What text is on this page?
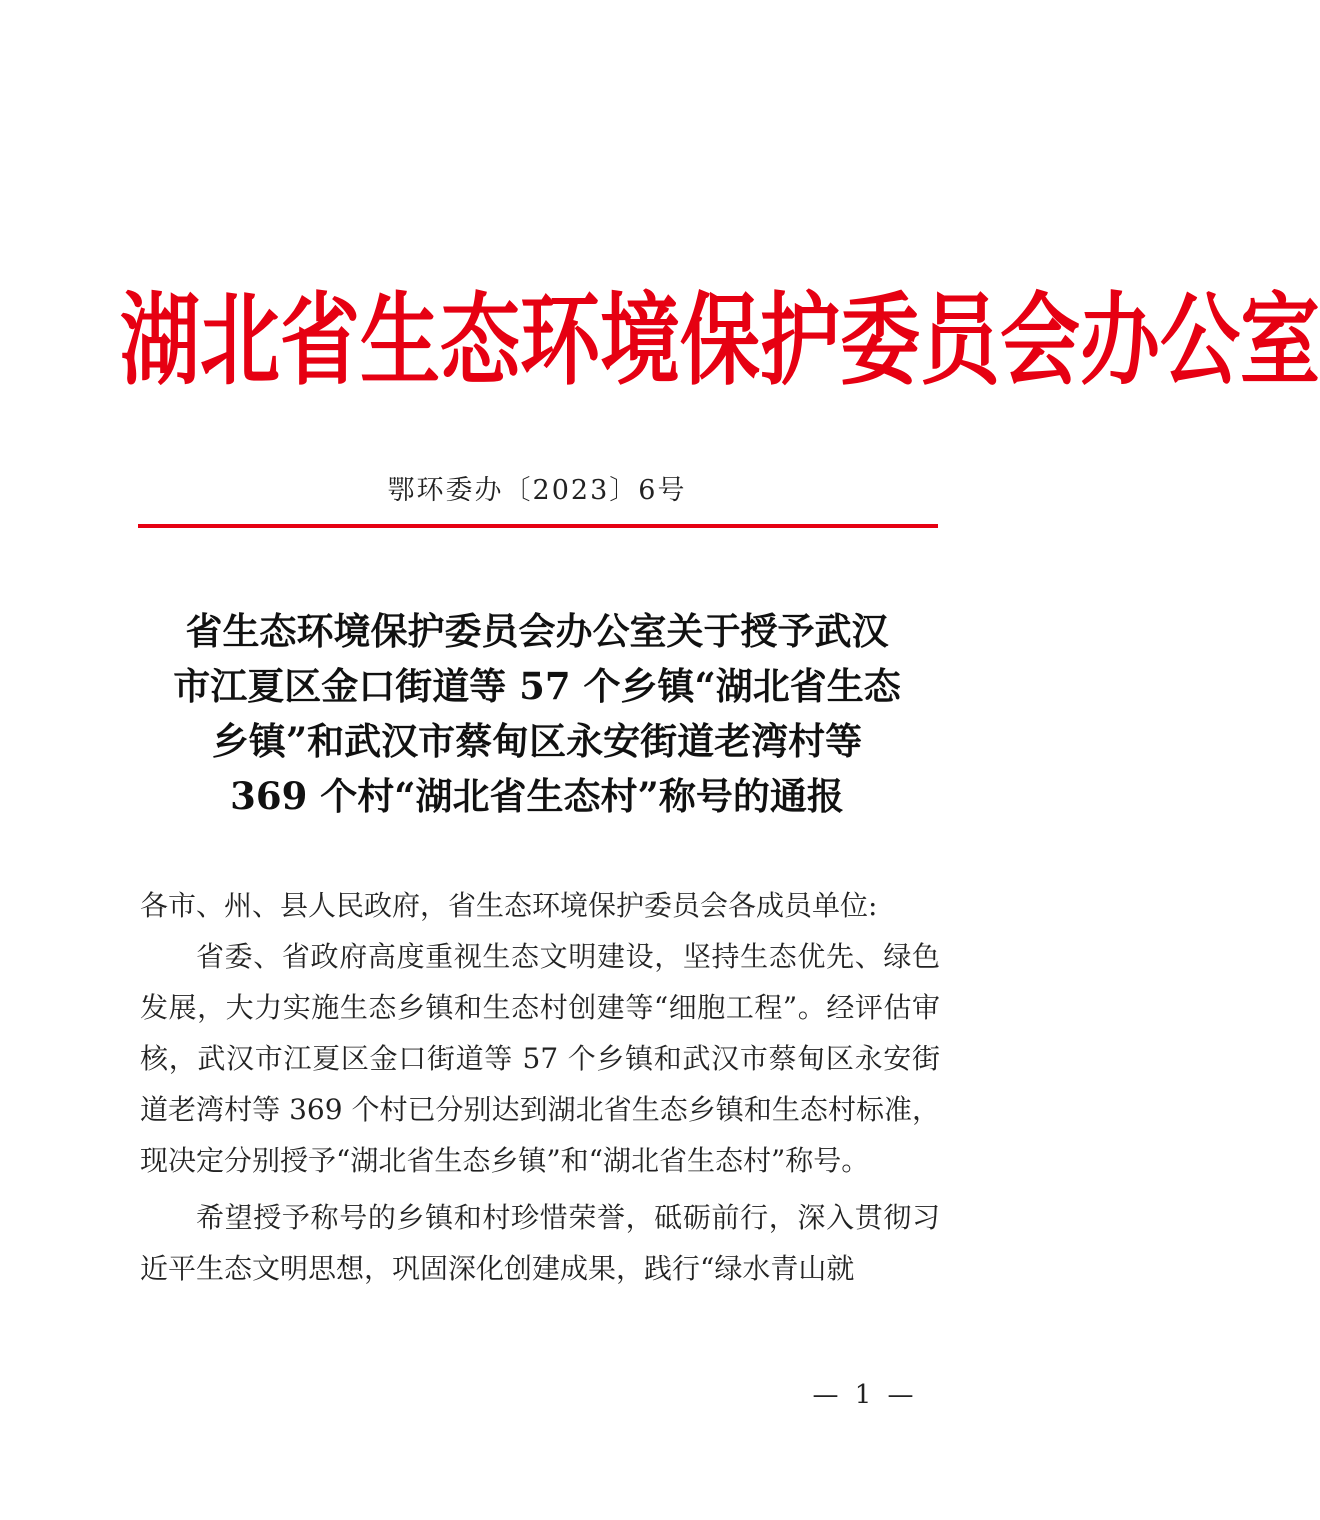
湖北省生态环境保护委员会办公室
鄂环委办〔2023〕6号
省生态环境保护委员会办公室关于授予武汉
市江夏区金口街道等 57 个乡镇“湖北省生态
乡镇”和武汉市蔡甸区永安街道老湾村等
369 个村“湖北省生态村”称号的通报

各市、州、县人民政府，省生态环境保护委员会各成员单位:

省委、省政府高度重视生态文明建设，坚持生态优先、绿色发展，大力实施生态乡镇和生态村创建等“细胞工程”。经评估审核，武汉市江夏区金口街道等 57 个乡镇和武汉市蔡甸区永安街道老湾村等 369 个村已分别达到湖北省生态乡镇和生态村标准，现决定分别授予“湖北省生态乡镇”和“湖北省生态村”称号。

希望授予称号的乡镇和村珍惜荣誉，砥砺前行，深入贯彻习近平生态文明思想，巩固深化创建成果，践行“绿水青山就

— 1 —
